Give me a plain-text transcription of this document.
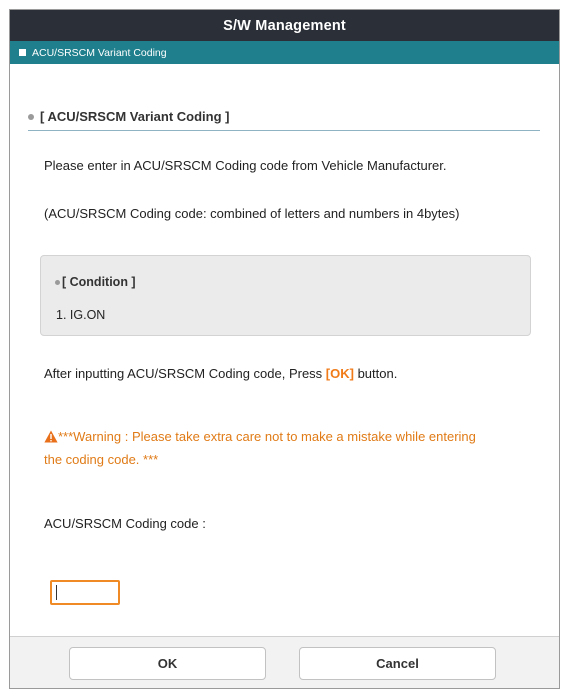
S/W Management
ACU/SRSCM Variant Coding
[ ACU/SRSCM Variant Coding ]
Please enter in ACU/SRSCM Coding code from Vehicle Manufacturer.
(ACU/SRSCM Coding code: combined of letters and numbers in 4bytes)
[ Condition ]
1. IG.ON
After inputting ACU/SRSCM Coding code, Press [OK] button.
***Warning : Please take extra care not to make a mistake while entering
the coding code. ***
ACU/SRSCM Coding code :
OK	Cancel
